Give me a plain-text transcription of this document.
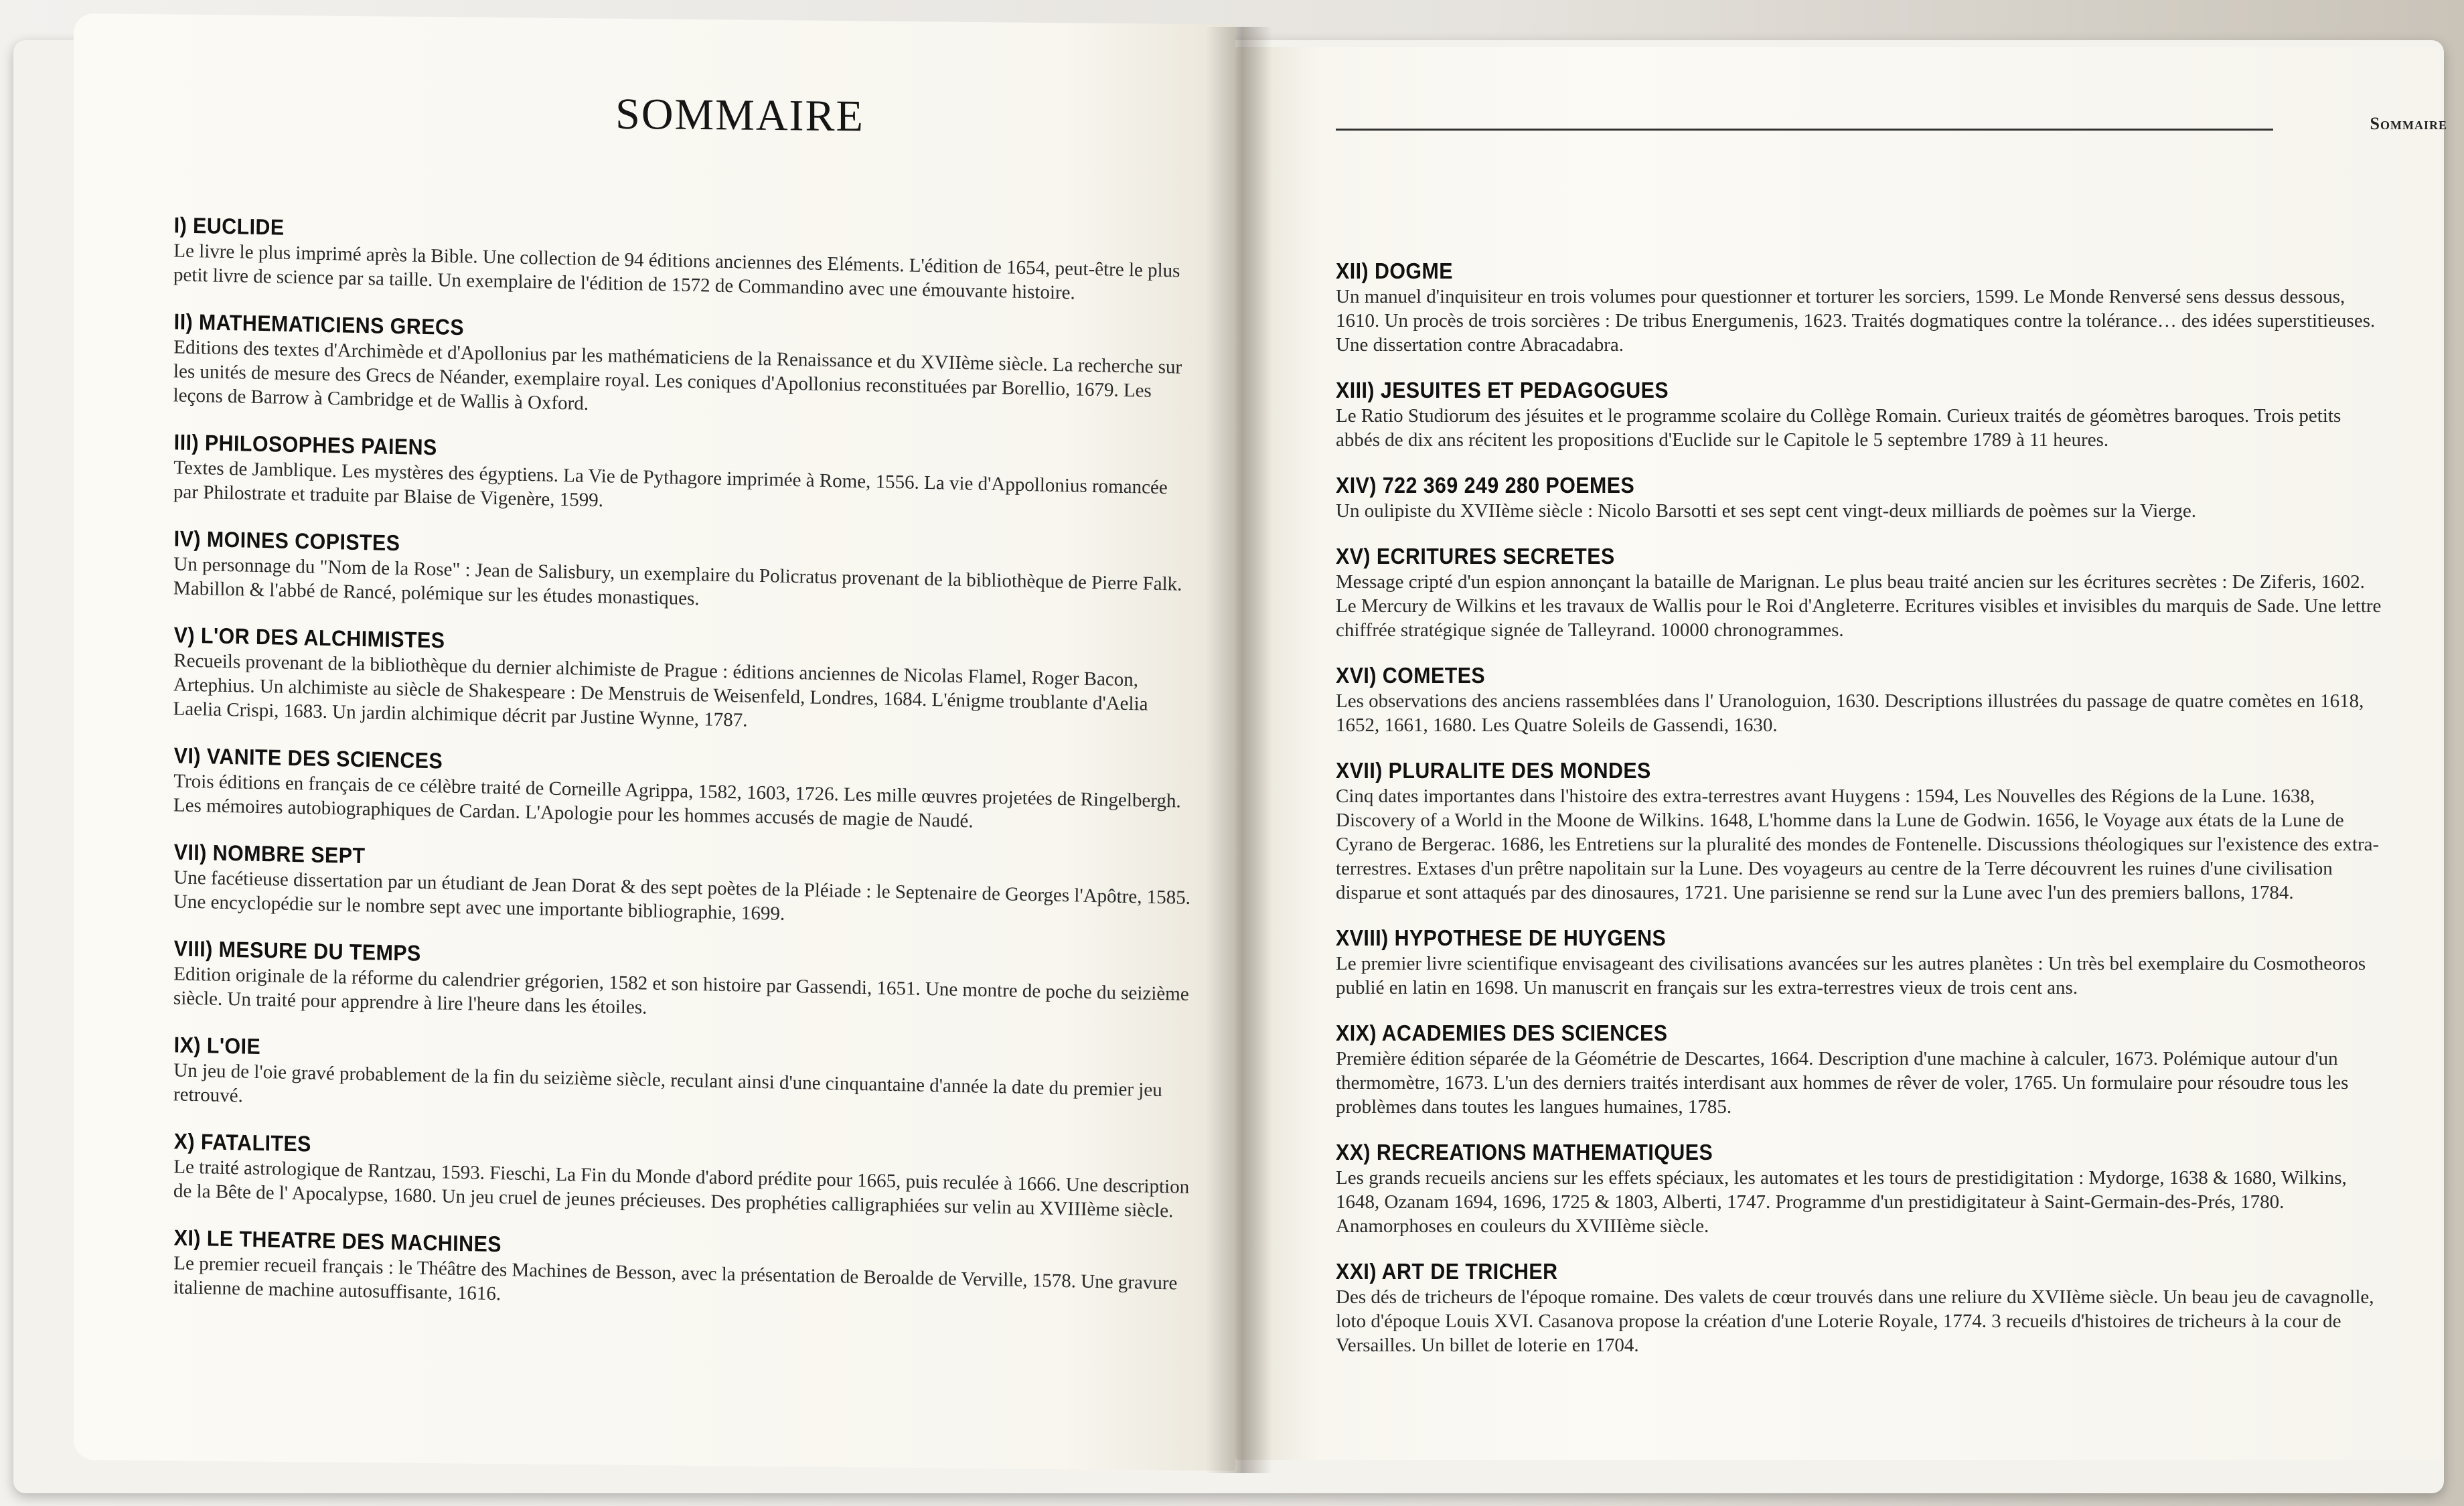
SOMMAIRE
I) EUCLIDE

Le livre le plus imprimé après la Bible. Une collection de 94 éditions anciennes des Eléments. L'édition de 1654, peut-être le plus petit livre de science par sa taille. Un exemplaire de l'édition de 1572 de Commandino avec une émouvante histoire.

II) MATHEMATICIENS GRECS

Editions des textes d'Archimède et d'Apollonius par les mathématiciens de la Renaissance et du XVIIème siècle. La recherche sur les unités de mesure des Grecs de Néander, exemplaire royal. Les coniques d'Apollonius reconstituées par Borellio, 1679. Les leçons de Barrow à Cambridge et de Wallis à Oxford.

III) PHILOSOPHES PAIENS

Textes de Jamblique. Les mystères des égyptiens. La Vie de Pythagore imprimée à Rome, 1556. La vie d'Appollonius romancée par Philostrate et traduite par Blaise de Vigenère, 1599.

IV) MOINES COPISTES

Un personnage du "Nom de la Rose" : Jean de Salisbury, un exemplaire du Policratus provenant de la bibliothèque de Pierre Falk. Mabillon & l'abbé de Rancé, polémique sur les études monastiques.

V) L'OR DES ALCHIMISTES

Recueils provenant de la bibliothèque du dernier alchimiste de Prague : éditions anciennes de Nicolas Flamel, Roger Bacon, Artephius. Un alchimiste au siècle de Shakespeare : De Menstruis de Weisenfeld, Londres, 1684. L'énigme troublante d'Aelia Laelia Crispi, 1683. Un jardin alchimique décrit par Justine Wynne, 1787.

VI) VANITE DES SCIENCES

Trois éditions en français de ce célèbre traité de Corneille Agrippa, 1582, 1603, 1726. Les mille œuvres projetées de Ringelbergh. Les mémoires autobiographiques de Cardan. L'Apologie pour les hommes accusés de magie de Naudé.

VII) NOMBRE SEPT

Une facétieuse dissertation par un étudiant de Jean Dorat & des sept poètes de la Pléiade : le Septenaire de Georges l'Apôtre, 1585. Une encyclopédie sur le nombre sept avec une importante bibliographie, 1699.

VIII) MESURE DU TEMPS

Edition originale de la réforme du calendrier grégorien, 1582 et son histoire par Gassendi, 1651. Une montre de poche du seizième siècle. Un traité pour apprendre à lire l'heure dans les étoiles.

IX) L'OIE

Un jeu de l'oie gravé probablement de la fin du seizième siècle, reculant ainsi d'une cinquantaine d'année la date du premier jeu retrouvé.

X) FATALITES

Le traité astrologique de Rantzau, 1593. Fieschi, La Fin du Monde d'abord prédite pour 1665, puis reculée à 1666. Une description de la Bête de l' Apocalypse, 1680. Un jeu cruel de jeunes précieuses. Des prophéties calligraphiées sur velin au XVIIIème siècle.

XI) LE THEATRE DES MACHINES

Le premier recueil français : le Théâtre des Machines de Besson, avec la présentation de Beroalde de Verville, 1578. Une gravure italienne de machine autosuffisante, 1616.

Sommaire
XII) DOGME

Un manuel d'inquisiteur en trois volumes pour questionner et torturer les sorciers, 1599. Le Monde Renversé sens dessus dessous, 1610. Un procès de trois sorcières : De tribus Energumenis, 1623. Traités dogmatiques contre la tolérance… des idées superstitieuses. Une dissertation contre Abracadabra.

XIII) JESUITES ET PEDAGOGUES

Le Ratio Studiorum des jésuites et le programme scolaire du Collège Romain. Curieux traités de géomètres baroques. Trois petits abbés de dix ans récitent les propositions d'Euclide sur le Capitole le 5 septembre 1789 à 11 heures.

XIV) 722 369 249 280 POEMES

Un oulipiste du XVIIème siècle : Nicolo Barsotti et ses sept cent vingt-deux milliards de poèmes sur la Vierge.

XV) ECRITURES SECRETES

Message cripté d'un espion annonçant la bataille de Marignan. Le plus beau traité ancien sur les écritures secrètes : De Ziferis, 1602. Le Mercury de Wilkins et les travaux de Wallis pour le Roi d'Angleterre. Ecritures visibles et invisibles du marquis de Sade. Une lettre chiffrée stratégique signée de Talleyrand. 10000 chronogrammes.

XVI) COMETES

Les observations des anciens rassemblées dans l' Uranologuion, 1630. Descriptions illustrées du passage de quatre comètes en 1618, 1652, 1661, 1680. Les Quatre Soleils de Gassendi, 1630.

XVII) PLURALITE DES MONDES

Cinq dates importantes dans l'histoire des extra-terrestres avant Huygens : 1594, Les Nouvelles des Régions de la Lune. 1638, Discovery of a World in the Moone de Wilkins. 1648, L'homme dans la Lune de Godwin. 1656, le Voyage aux états de la Lune de Cyrano de Bergerac. 1686, les Entretiens sur la pluralité des mondes de Fontenelle. Discussions théologiques sur l'existence des extra-terrestres. Extases d'un prêtre napolitain sur la Lune. Des voyageurs au centre de la Terre découvrent les ruines d'une civilisation disparue et sont attaqués par des dinosaures, 1721. Une parisienne se rend sur la Lune avec l'un des premiers ballons, 1784.

XVIII) HYPOTHESE DE HUYGENS

Le premier livre scientifique envisageant des civilisations avancées sur les autres planètes : Un très bel exemplaire du Cosmotheoros publié en latin en 1698. Un manuscrit en français sur les extra-terrestres vieux de trois cent ans.

XIX) ACADEMIES DES SCIENCES

Première édition séparée de la Géométrie de Descartes, 1664. Description d'une machine à calculer, 1673. Polémique autour d'un thermomètre, 1673. L'un des derniers traités interdisant aux hommes de rêver de voler, 1765. Un formulaire pour résoudre tous les problèmes dans toutes les langues humaines, 1785.

XX) RECREATIONS MATHEMATIQUES

Les grands recueils anciens sur les effets spéciaux, les automates et les tours de prestidigitation : Mydorge, 1638 & 1680, Wilkins, 1648, Ozanam 1694, 1696, 1725 & 1803, Alberti, 1747. Programme d'un prestidigitateur à Saint-Germain-des-Prés, 1780. Anamorphoses en couleurs du XVIIIème siècle.

XXI) ART DE TRICHER

Des dés de tricheurs de l'époque romaine. Des valets de cœur trouvés dans une reliure du XVIIème siècle. Un beau jeu de cavagnolle, loto d'époque Louis XVI. Casanova propose la création d'une Loterie Royale, 1774. 3 recueils d'histoires de tricheurs à la cour de Versailles. Un billet de loterie en 1704.
